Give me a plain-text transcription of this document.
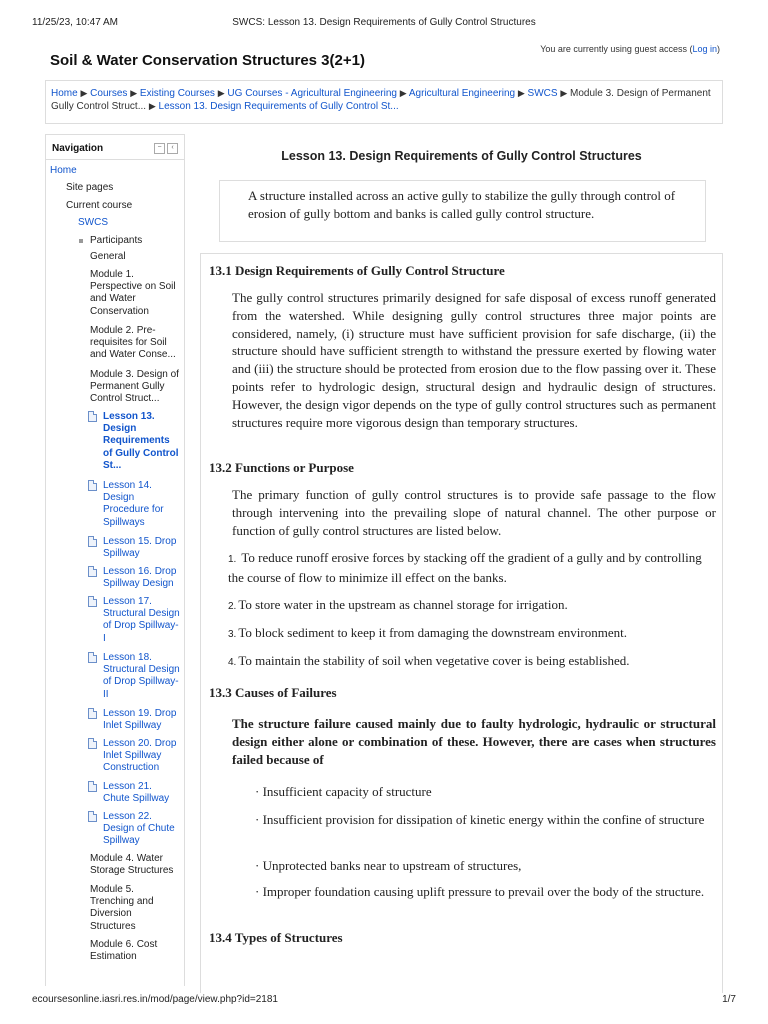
11/25/23, 10:47 AM	SWCS: Lesson 13. Design Requirements of Gully Control Structures
Soil & Water Conservation Structures 3(2+1)
You are currently using guest access (Log in)
Home ▶ Courses ▶ Existing Courses ▶ UG Courses - Agricultural Engineering ▶ Agricultural Engineering ▶ SWCS ▶ Module 3. Design of Permanent Gully Control Struct... ▶ Lesson 13. Design Requirements of Gully Control St...
Navigation	−	‹
Home
Site pages
Current course
SWCS
Participants
General
Module 1.
Perspective on Soil
and Water
Conservation
Module 2. Pre-
requisites for Soil
and Water Conse...
Module 3. Design of
Permanent Gully
Control Struct...
Lesson 13.
Design
Requirements
of Gully Control
St...
Lesson 14.
Design
Procedure for
Spillways
Lesson 15. Drop
Spillway
Lesson 16. Drop
Spillway Design
Lesson 17.
Structural Design
of Drop Spillway-
I
Lesson 18.
Structural Design
of Drop Spillway-
II
Lesson 19. Drop
Inlet Spillway
Lesson 20. Drop
Inlet Spillway
Construction
Lesson 21.
Chute Spillway
Lesson 22.
Design of Chute
Spillway
Module 4. Water
Storage Structures
Module 5.
Trenching and
Diversion
Structures
Module 6. Cost
Estimation
Lesson 13. Design Requirements of Gully Control Structures
A structure installed across an active gully to stabilize the gully through control of erosion of gully bottom and banks is called gully control structure.
13.1 Design Requirements of Gully Control Structure
The gully control structures primarily designed for safe disposal of excess runoff generated from the watershed. While designing gully control structures three major points are considered, namely, (i) structure must have sufficient provision for safe discharge, (ii) the structure should have sufficient strength to withstand the pressure exerted by flowing water and (iii) the structure should be protected from erosion due to the flow passing over it. These points refer to hydrologic design, structural design and hydraulic design of structures. However, the design vigor depends on the type of gully control structures such as permanent structures require more vigorous design than temporary structures.
13.2 Functions or Purpose
The primary function of gully control structures is to provide safe passage to the flow through intervening into the prevailing slope of natural channel. The other purpose or function of gully control structures are listed below.
1. To reduce runoff erosive forces by stacking off the gradient of a gully and by controlling the course of flow to minimize ill effect on the banks.
2. To store water in the upstream as channel storage for irrigation.
3. To block sediment to keep it from damaging the downstream environment.
4. To maintain the stability of soil when vegetative cover is being established.
13.3 Causes of Failures
The structure failure caused mainly due to faulty hydrologic, hydraulic or structural design either alone or combination of these. However, there are cases when structures failed because of
· Insufficient capacity of structure
· Insufficient provision for dissipation of kinetic energy within the confine of structure
· Unprotected banks near to upstream of structures,
· Improper foundation causing uplift pressure to prevail over the body of the structure.
13.4 Types of Structures
ecoursesonline.iasri.res.in/mod/page/view.php?id=2181	1/7
